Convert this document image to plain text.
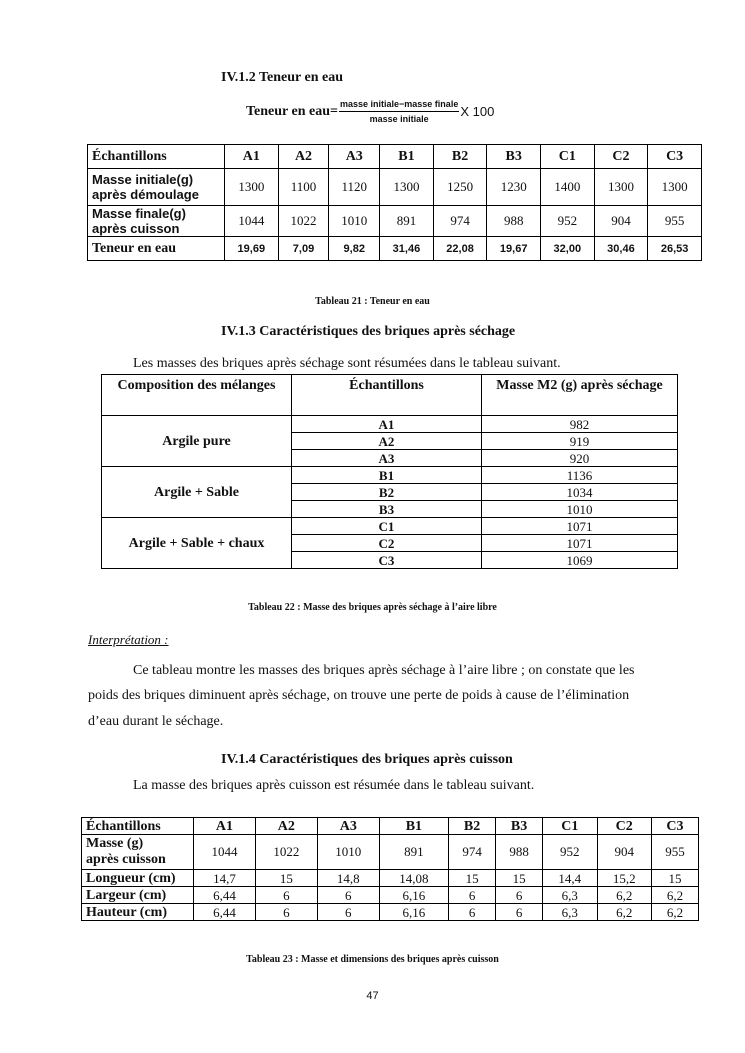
IV.1.2 Teneur en eau
Teneur en $eau= \frac{\text{masse initiale−masse finale}}{\text{masse initiale}}$ X 100
Échantillons	A1	A2	A3	B1	B2	B3	C1	C2	C3
Masse initiale(g)
après démoulage	1300	1100	1120	1300	1250	1230	1400	1300	1300
Masse finale(g)
après cuisson	1044	1022	1010	891	974	988	952	904	955
Teneur en eau	19,69	7,09	9,82	31,46	22,08	19,67	32,00	30,46	26,53
Tableau 21 : Teneur en eau
IV.1.3 Caractéristiques des briques après séchage
Les masses des briques après séchage sont résumées dans le tableau suivant.
Composition des mélanges	Échantillons	Masse M2 (g) après séchage
Argile pure	A1	982
	A2	919
	A3	920
Argile + Sable	B1	1136
	B2	1034
	B3	1010
Argile + Sable + chaux	C1	1071
	C2	1071
	C3	1069
Tableau 22 : Masse des briques après séchage à l’aire libre
Interprétation :
Ce tableau montre les masses des briques après séchage à l’aire libre ; on constate que les
poids des briques diminuent après séchage, on trouve une perte de poids à cause de l’élimination
d’eau durant le séchage.
IV.1.4 Caractéristiques des briques après cuisson
La masse des briques après cuisson est résumée dans le tableau suivant.
Échantillons	A1	A2	A3	B1	B2	B3	C1	C2	C3
Masse (g)
après cuisson	1044	1022	1010	891	974	988	952	904	955
Longueur (cm)	14,7	15	14,8	14,08	15	15	14,4	15,2	15
Largeur (cm)	6,44	6	6	6,16	6	6	6,3	6,2	6,2
Hauteur (cm)	6,44	6	6	6,16	6	6	6,3	6,2	6,2
Tableau 23 : Masse et dimensions des briques après cuisson
47
